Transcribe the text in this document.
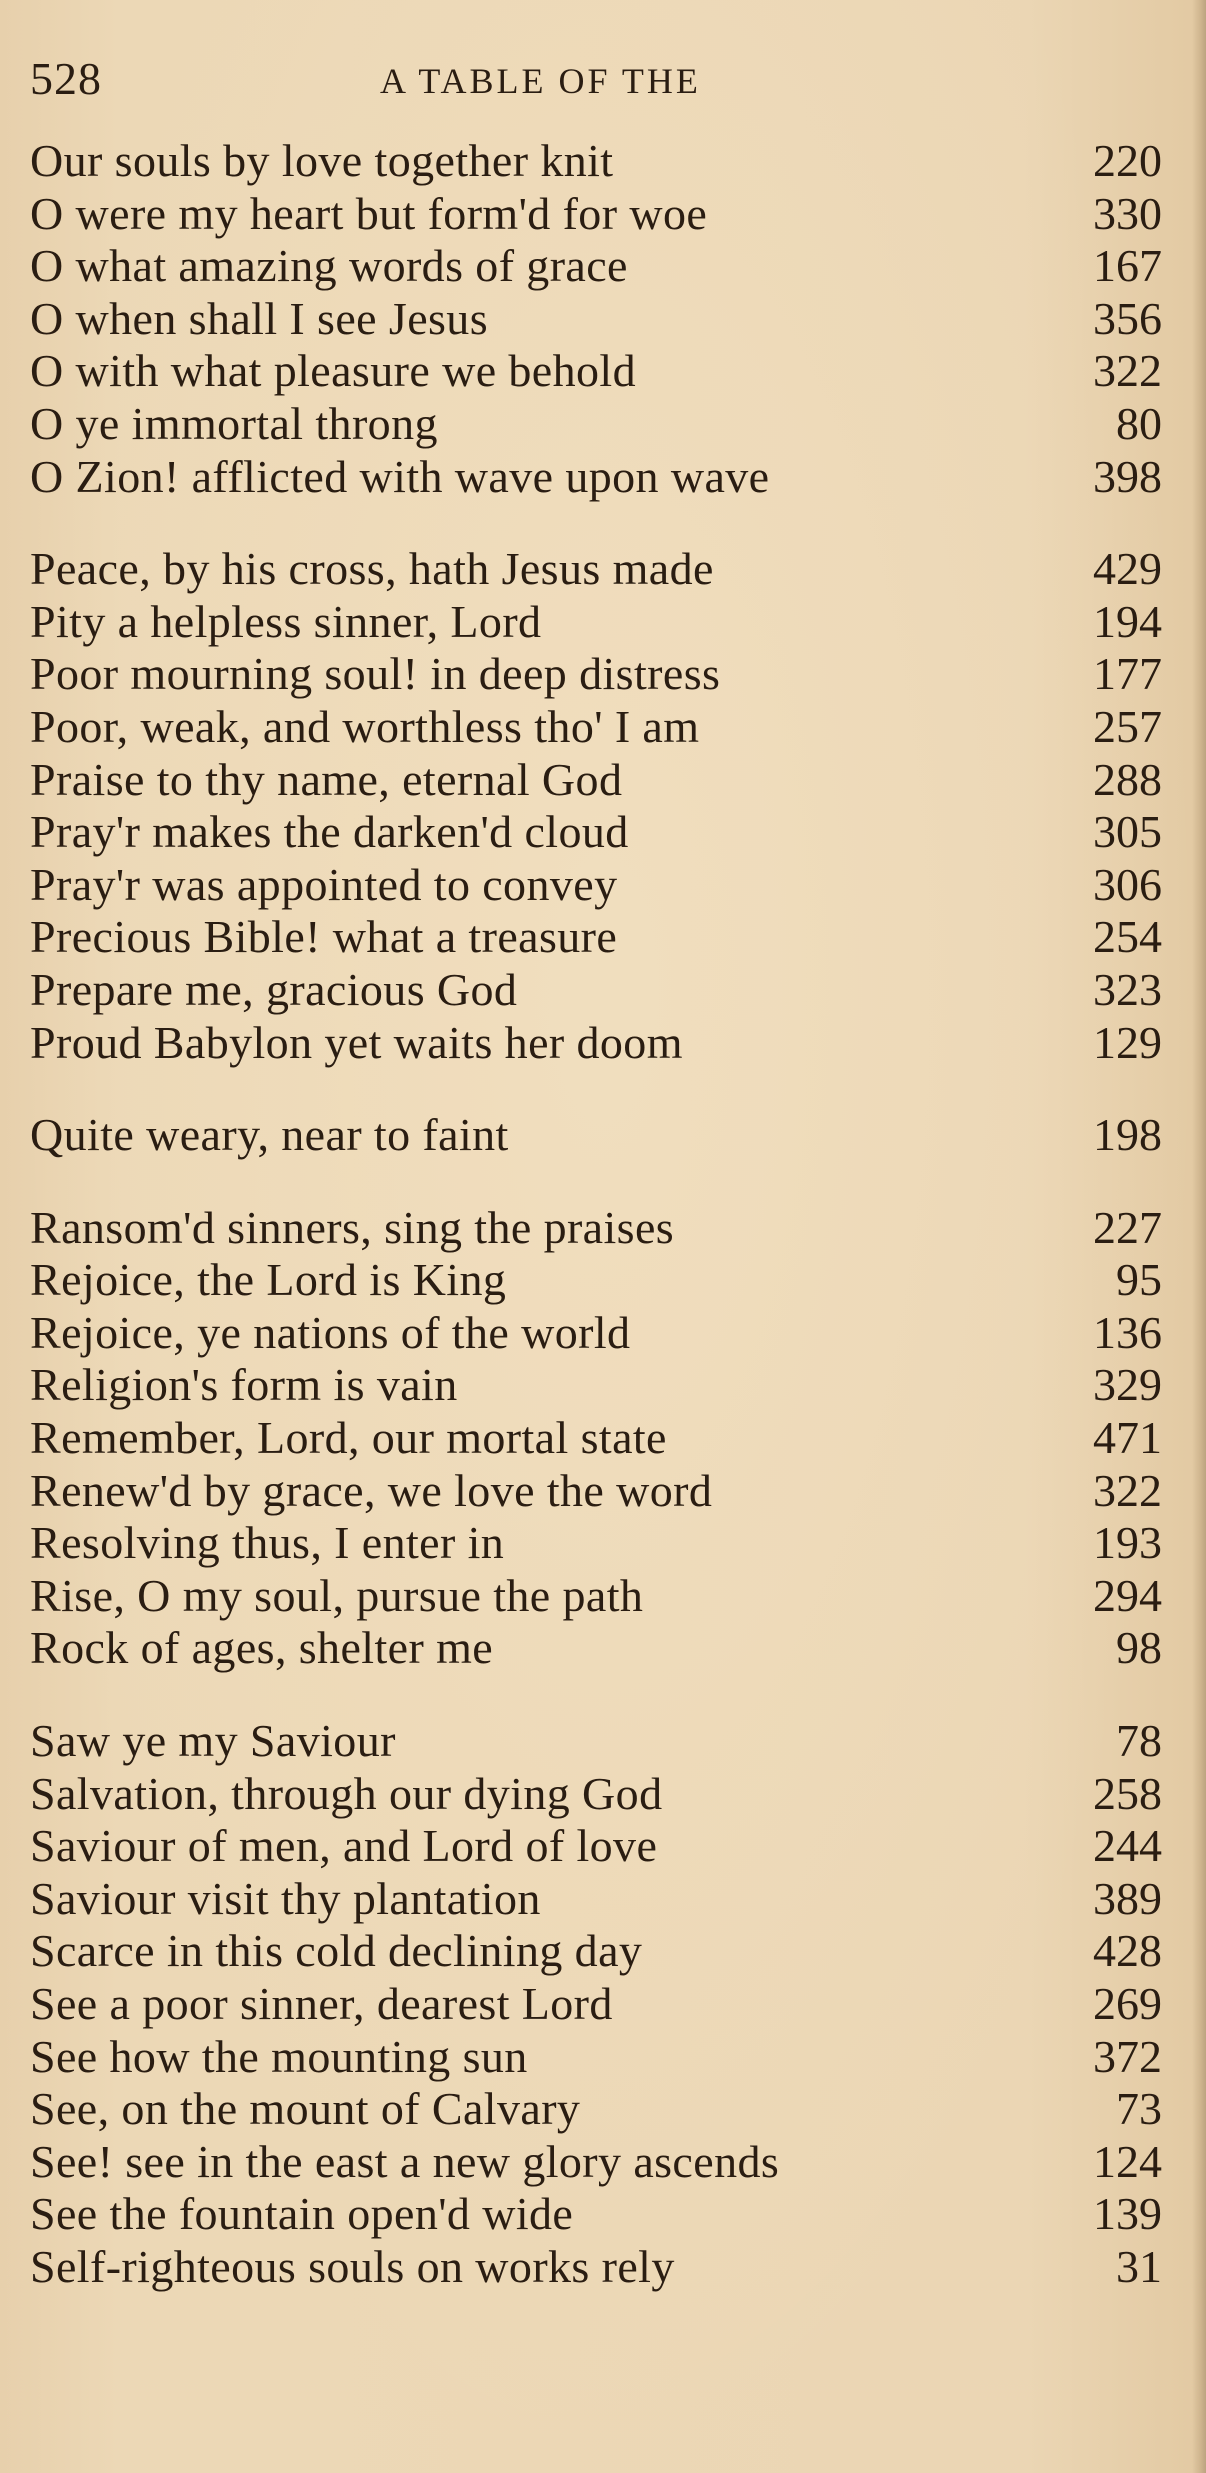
528	A TABLE OF THE
Our souls by love together knit	220
O were my heart but form'd for woe	330
O what amazing words of grace	167
O when shall I see Jesus	356
O with what pleasure we behold	322
O ye immortal throng	80
O Zion! afflicted with wave upon wave	398
Peace, by his cross, hath Jesus made	429
Pity a helpless sinner, Lord	194
Poor mourning soul! in deep distress	177
Poor, weak, and worthless tho' I am	257
Praise to thy name, eternal God	288
Pray'r makes the darken'd cloud	305
Pray'r was appointed to convey	306
Precious Bible! what a treasure	254
Prepare me, gracious God	323
Proud Babylon yet waits her doom	129
Quite weary, near to faint	198
Ransom'd sinners, sing the praises	227
Rejoice, the Lord is King	95
Rejoice, ye nations of the world	136
Religion's form is vain	329
Remember, Lord, our mortal state	471
Renew'd by grace, we love the word	322
Resolving thus, I enter in	193
Rise, O my soul, pursue the path	294
Rock of ages, shelter me	98
Saw ye my Saviour	78
Salvation, through our dying God	258
Saviour of men, and Lord of love	244
Saviour visit thy plantation	389
Scarce in this cold declining day	428
See a poor sinner, dearest Lord	269
See how the mounting sun	372
See, on the mount of Calvary	73
See! see in the east a new glory ascends	124
See the fountain open'd wide	139
Self-righteous souls on works rely	31
